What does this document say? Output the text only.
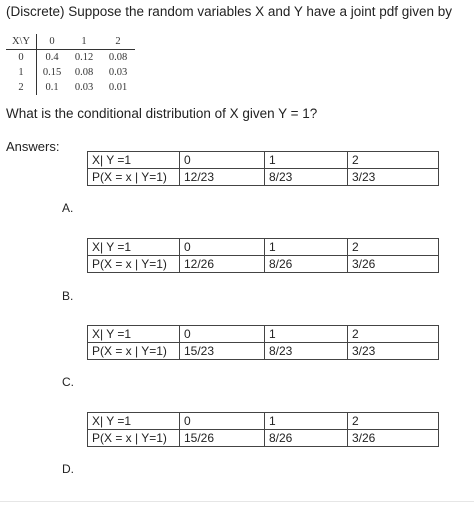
(Discrete) Suppose the random variables X and Y have a joint pdf given by
X\Y	0	1	2
0	0.4	0.12	0.08
1	0.15	0.08	0.03
2	0.1	0.03	0.01
What is the conditional distribution of X given Y = 1?
Answers:
X| Y =1	0	1	2
P(X = x | Y=1)	12/23	8/23	3/23
A.
X| Y =1	0	1	2
P(X = x | Y=1)	12/26	8/26	3/26
B.
X| Y =1	0	1	2
P(X = x | Y=1)	15/23	8/23	3/23
C.
X| Y =1	0	1	2
P(X = x | Y=1)	15/26	8/26	3/26
D.
